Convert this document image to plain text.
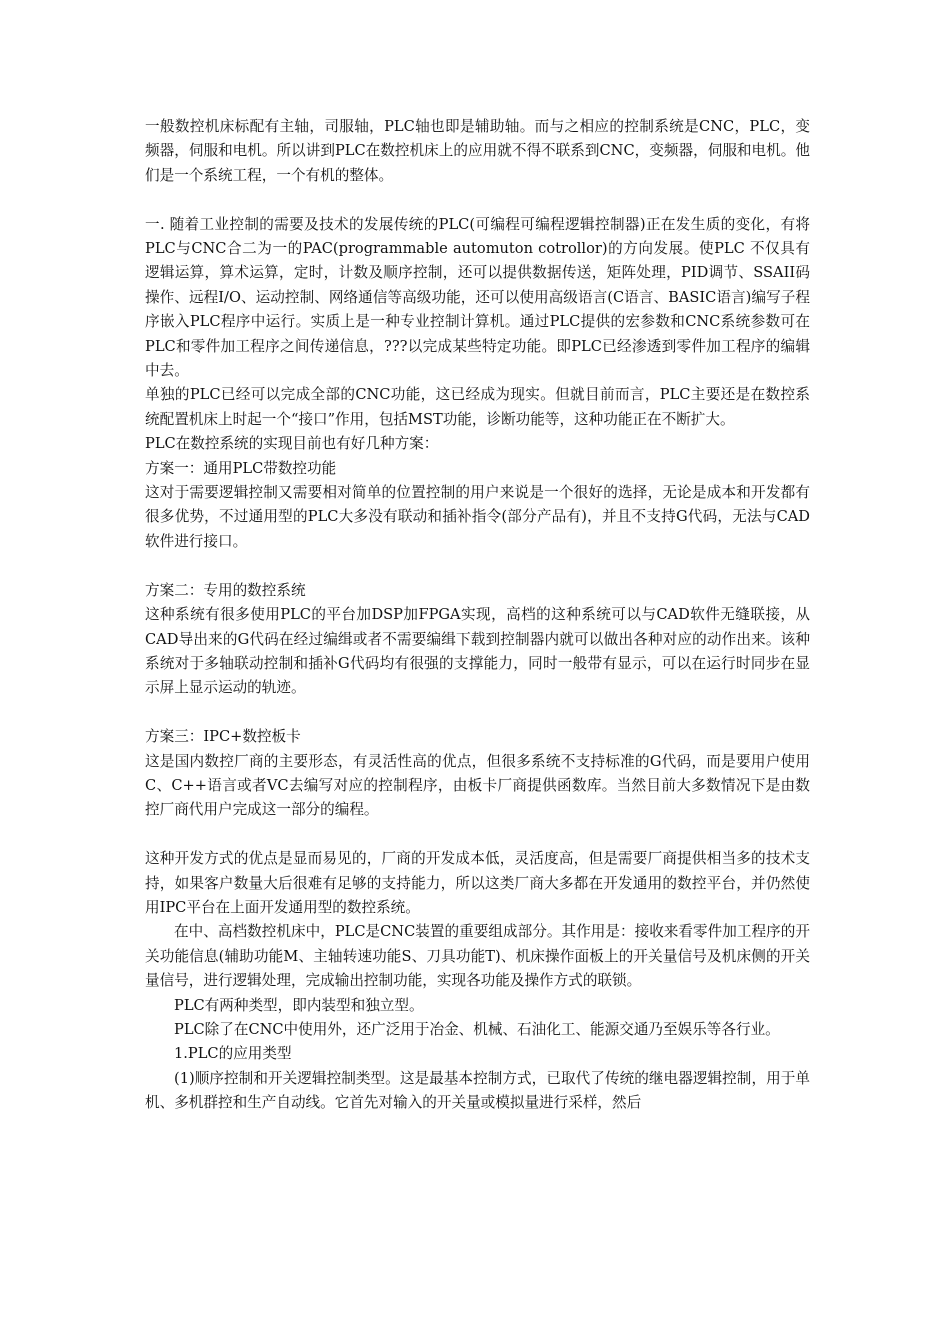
一般数控机床标配有主轴，司服轴，PLC轴也即是辅助轴。而与之相应的控制系统是CNC，PLC，变频器，伺服和电机。所以讲到PLC在数控机床上的应用就不得不联系到CNC，变频器，伺服和电机。他们是一个系统工程，一个有机的整体。

一. 随着工业控制的需要及技术的发展传统的PLC(可编程可编程逻辑控制器)正在发生质的变化，有将PLC与CNC合二为一的PAC(programmable automuton cotrollor)的方向发展。使PLC 不仅具有逻辑运算，算术运算，定时，计数及顺序控制，还可以提供数据传送，矩阵处理，PID调节、SSAII码操作、远程I/O、运动控制、网络通信等高级功能，还可以使用高级语言(C语言、BASIC语言)编写子程序嵌入PLC程序中运行。实质上是一种专业控制计算机。通过PLC提供的宏参数和CNC系统参数可在PLC和零件加工程序之间传递信息，???以完成某些特定功能。即PLC已经渗透到零件加工程序的编辑中去。

单独的PLC已经可以完成全部的CNC功能，这已经成为现实。但就目前而言，PLC主要还是在数控系统配置机床上时起一个“接口”作用，包括MST功能，诊断功能等，这种功能正在不断扩大。

PLC在数控系统的实现目前也有好几种方案：

方案一：通用PLC带数控功能

这对于需要逻辑控制又需要相对简单的位置控制的用户来说是一个很好的选择，无论是成本和开发都有很多优势，不过通用型的PLC大多没有联动和插补指令(部分产品有)，并且不支持G代码，无法与CAD软件进行接口。

方案二：专用的数控系统

这种系统有很多使用PLC的平台加DSP加FPGA实现，高档的这种系统可以与CAD软件无缝联接，从CAD导出来的G代码在经过编缉或者不需要编缉下载到控制器内就可以做出各种对应的动作出来。该种系统对于多轴联动控制和插补G代码均有很强的支撑能力，同时一般带有显示，可以在运行时同步在显示屏上显示运动的轨迹。

方案三：IPC+数控板卡

这是国内数控厂商的主要形态，有灵活性高的优点，但很多系统不支持标准的G代码，而是要用户使用C、C++语言或者VC去编写对应的控制程序，由板卡厂商提供函数库。当然目前大多数情况下是由数控厂商代用户完成这一部分的编程。

这种开发方式的优点是显而易见的，厂商的开发成本低，灵活度高，但是需要厂商提供相当多的技术支持，如果客户数量大后很难有足够的支持能力，所以这类厂商大多都在开发通用的数控平台，并仍然使用IPC平台在上面开发通用型的数控系统。

在中、高档数控机床中，PLC是CNC装置的重要组成部分。其作用是：接收来看零件加工程序的开关功能信息(辅助功能M、主轴转速功能S、刀具功能T)、机床操作面板上的开关量信号及机床侧的开关量信号，进行逻辑处理，完成输出控制功能，实现各功能及操作方式的联锁。

PLC有两种类型，即内装型和独立型。

PLC除了在CNC中使用外，还广泛用于冶金、机械、石油化工、能源交通乃至娱乐等各行业。

1.PLC的应用类型

(1)顺序控制和开关逻辑控制类型。这是最基本控制方式，已取代了传统的继电器逻辑控制，用于单机、多机群控和生产自动线。它首先对输入的开关量或模拟量进行采样，然后
